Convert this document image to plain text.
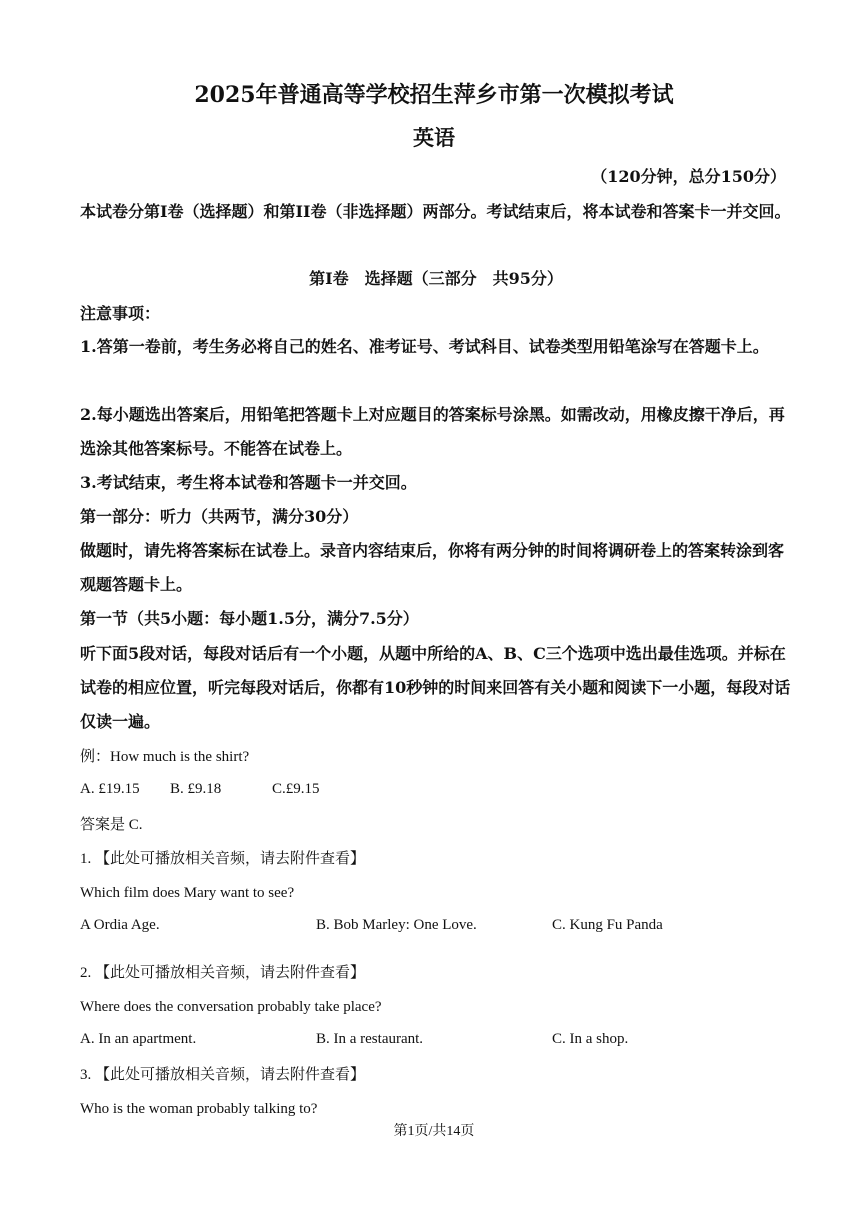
2025年普通高等学校招生萍乡市第一次模拟考试
英语
（120分钟，总分150分）
本试卷分第I卷（选择题）和第II卷（非选择题）两部分。考试结束后，将本试卷和答案卡一并交回。
第I卷　选择题（三部分　共95分）
注意事项：
1.答第一卷前，考生务必将自己的姓名、准考证号、考试科目、试卷类型用铅笔涂写在答题卡上。
2.每小题选出答案后，用铅笔把答题卡上对应题目的答案标号涂黑。如需改动，用橡皮擦干净后，再选涂其他答案标号。不能答在试卷上。
3.考试结束，考生将本试卷和答题卡一并交回。
第一部分：听力（共两节，满分30分）
做题时，请先将答案标在试卷上。录音内容结束后，你将有两分钟的时间将调研卷上的答案转涂到客观题答题卡上。
第一节（共5小题：每小题1.5分，满分7.5分）
听下面5段对话，每段对话后有一个小题，从题中所给的A、B、C三个选项中选出最佳选项。并标在试卷的相应位置，听完每段对话后，你都有10秒钟的时间来回答有关小题和阅读下一小题，每段对话仅读一遍。
例：How much is the shirt?
A. £19.15 B. £9.18	C.£9.15
答案是 C.
1. 【此处可播放相关音频，请去附件查看】
Which film does Mary want to see?
A Ordia Age.	B. Bob Marley: One Love.	C. Kung Fu Panda
2. 【此处可播放相关音频，请去附件查看】
Where does the conversation probably take place?
A. In an apartment.	B. In a restaurant.	C. In a shop.
3. 【此处可播放相关音频，请去附件查看】
Who is the woman probably talking to?
第1页/共14页
